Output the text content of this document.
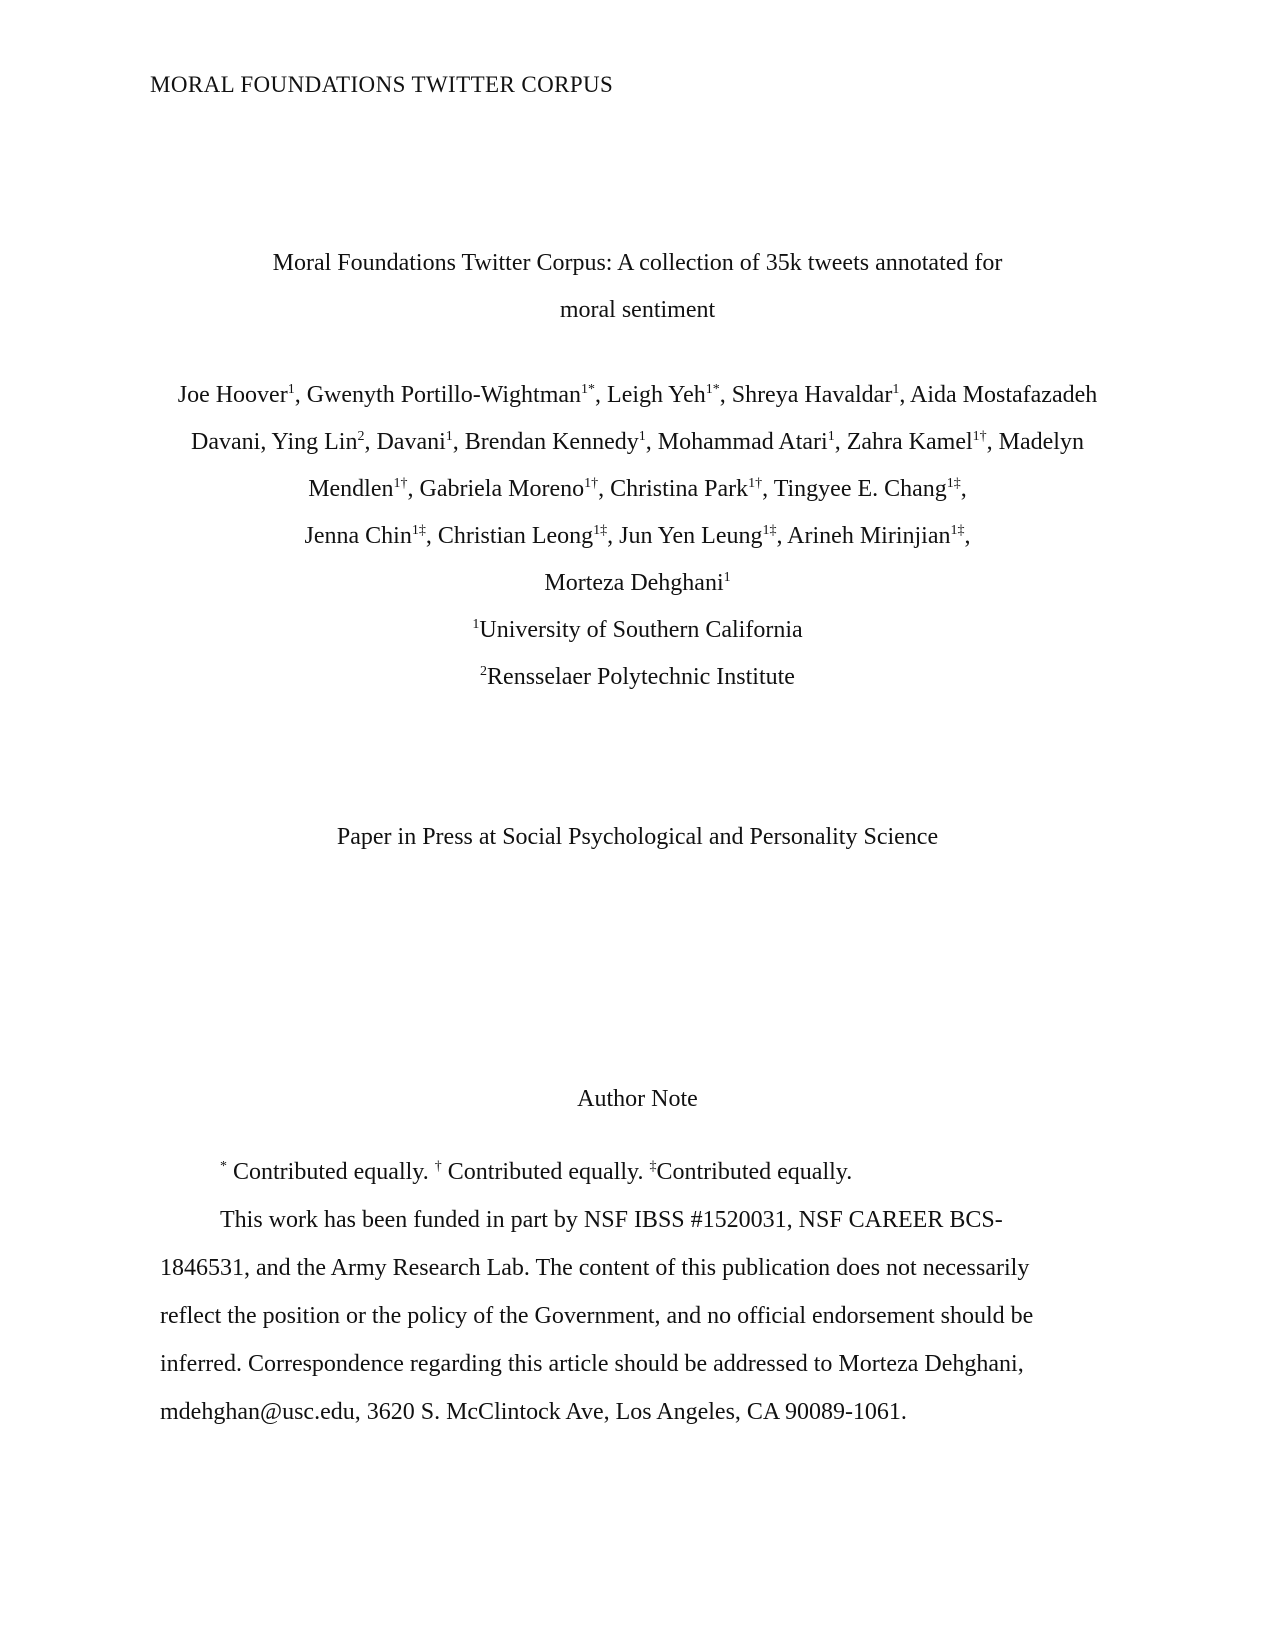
MORAL FOUNDATIONS TWITTER CORPUS
Moral Foundations Twitter Corpus: A collection of 35k tweets annotated for
moral sentiment
Joe Hoover$^1$, Gwenyth Portillo-Wightman$^{1*}$, Leigh Yeh$^{1*}$, Shreya Havaldar$^1$, Aida Mostafazadeh Davani, Ying Lin$^2$, Davani$^1$, Brendan Kennedy$^1$, Mohammad Atari$^1$, Zahra Kamel$^{1\dagger}$, Madelyn Mendlen$^{1\dagger}$, Gabriela Moreno$^{1\dagger}$, Christina Park$^{1\dagger}$, Tingyee E. Chang$^{1\ddagger}$,
Jenna Chin$^{1\ddagger}$, Christian Leong$^{1\ddagger}$, Jun Yen Leung$^{1\ddagger}$, Arineh Mirinjian$^{1\ddagger}$,
Morteza Dehghani$^1$
$^1$University of Southern California
$^2$Rensselaer Polytechnic Institute
Paper in Press at Social Psychological and Personality Science
Author Note

* Contributed equally. † Contributed equally. ‡Contributed equally.

This work has been funded in part by NSF IBSS #1520031, NSF CAREER BCS-1846531, and the Army Research Lab. The content of this publication does not necessarily reflect the position or the policy of the Government, and no official endorsement should be inferred. Correspondence regarding this article should be addressed to Morteza Dehghani, mdehghan@usc.edu, 3620 S. McClintock Ave, Los Angeles, CA 90089-1061.
